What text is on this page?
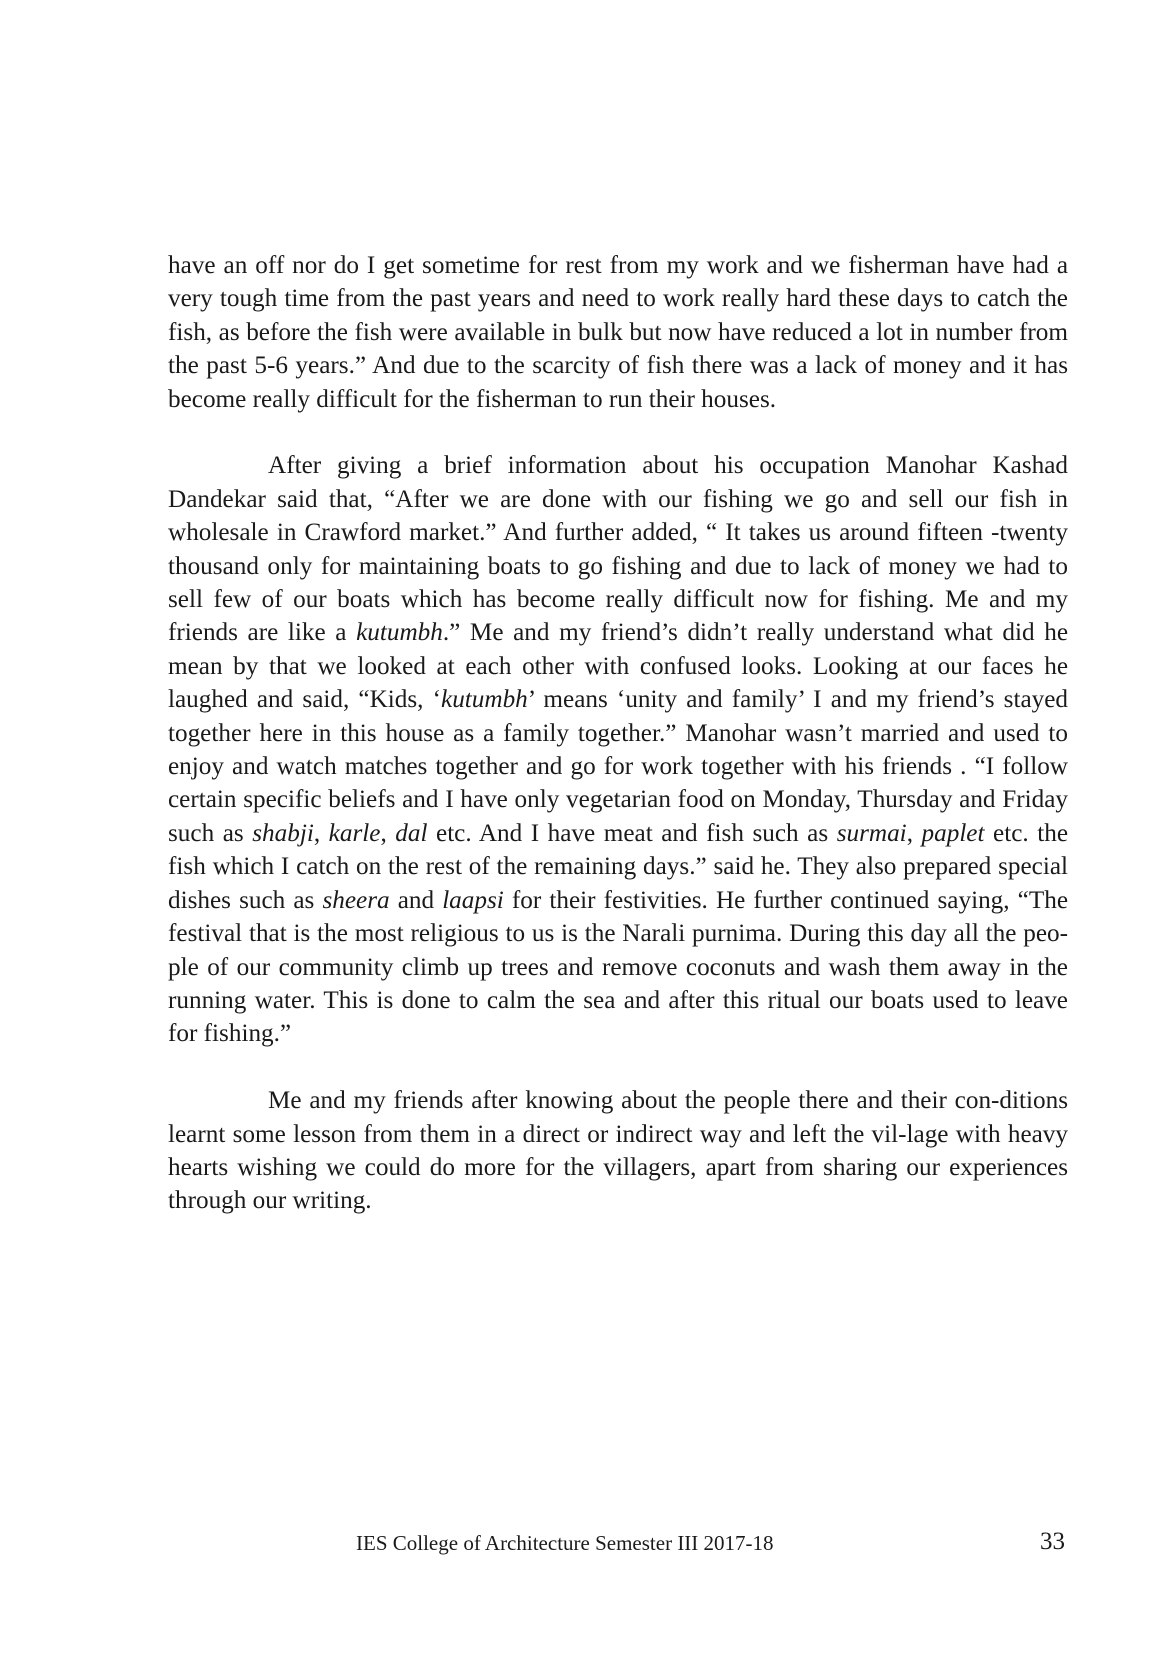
have an off nor do I get sometime for rest from my work and we fisherman have had a very tough time from the past years and need to work really hard these days to catch the fish, as before the fish were available in bulk but now have reduced a lot in number from the past 5-6 years.” And due to the scarcity of fish there was a lack of money and it has become really difficult for the fisherman to run their houses.

After giving a brief information about his occupation Manohar Kashad Dandekar said that, “After we are done with our fishing we go and sell our fish in wholesale in Crawford market.” And further added, “ It takes us around fifteen -twenty thousand only for maintaining boats to go fishing and due to lack of money we had to sell few of our boats which has become really difficult now for fishing. Me and my friends are like a kutumbh.” Me and my friend’s didn’t really understand what did he mean by that we looked at each other with confused looks. Looking at our faces he laughed and said, “Kids, ‘kutumbh’ means ‘unity and family’ I and my friend’s stayed together here in this house as a family together.” Manohar wasn’t married and used to enjoy and watch matches together and go for work together with his friends . “I follow certain specific beliefs and I have only vegetarian food on Monday, Thursday and Friday such as shabji, karle, dal etc. And I have meat and fish such as surmai, paplet etc. the fish which I catch on the rest of the remaining days.” said he. They also prepared special dishes such as sheera and laapsi for their festivities. He further continued saying, “The festival that is the most religious to us is the Narali purnima. During this day all the peo-ple of our community climb up trees and remove coconuts and wash them away in the running water. This is done to calm the sea and after this ritual our boats used to leave for fishing.”

Me and my friends after knowing about the people there and their con-ditions learnt some lesson from them in a direct or indirect way and left the vil-lage with heavy hearts wishing we could do more for the villagers, apart from sharing our experiences through our writing.

IES College of Architecture Semester III 2017-18	33
